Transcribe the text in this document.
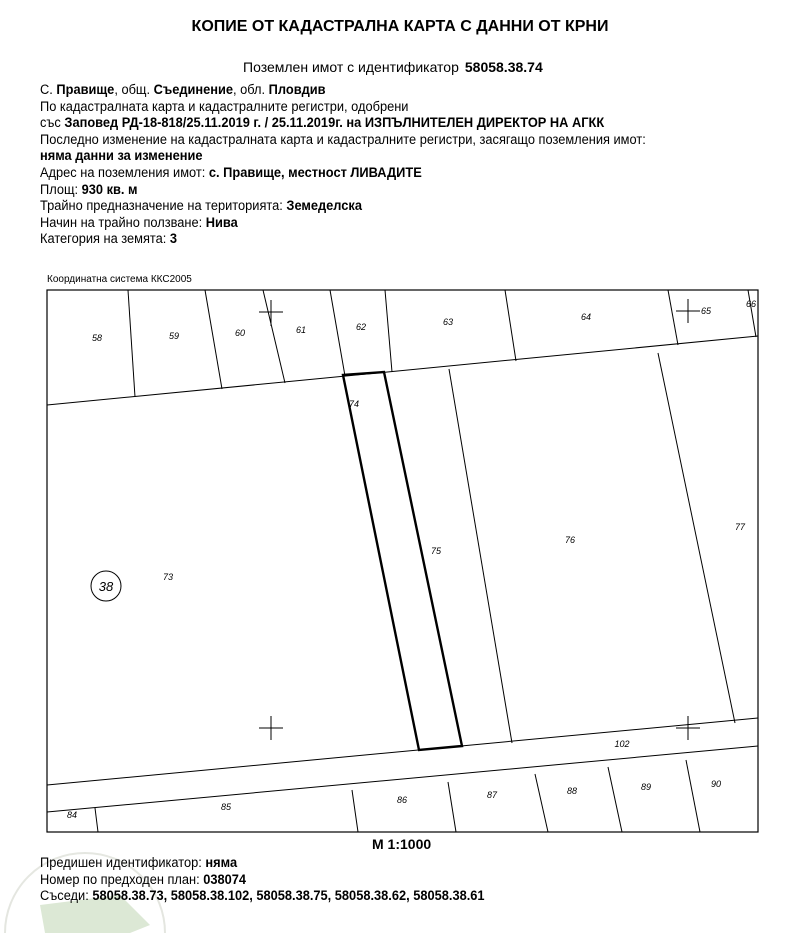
КОПИЕ ОТ КАДАСТРАЛНА КАРТА С ДАННИ ОТ КРНИ
Поземлен имот с идентификатор 58058.38.74
С. Правище, общ. Съединение, обл. Пловдив
По кадастралната карта и кадастралните регистри, одобрени
със Заповед РД-18-818/25.11.2019 г. / 25.11.2019г. на ИЗПЪЛНИТЕЛЕН ДИРЕКТОР НА АГКК
Последно изменение на кадастралната карта и кадастралните регистри, засягащо поземления имот:
няма данни за изменение
Адрес на поземления имот: с. Правище, местност ЛИВАДИТЕ
Площ: 930 кв. м
Трайно предназначение на територията: Земеделска
Начин на трайно ползване: Нива
Категория на земята: 3
Координатна система ККС2005
38
58	59	60	61	62	63	64
65
66
74
73
75
76
77
102
84
85
86	87	88	89	90
М 1:1000
Предишен идентификатор: няма
Номер по предходен план: 038074
Съседи: 58058.38.73, 58058.38.102, 58058.38.75, 58058.38.62, 58058.38.61
